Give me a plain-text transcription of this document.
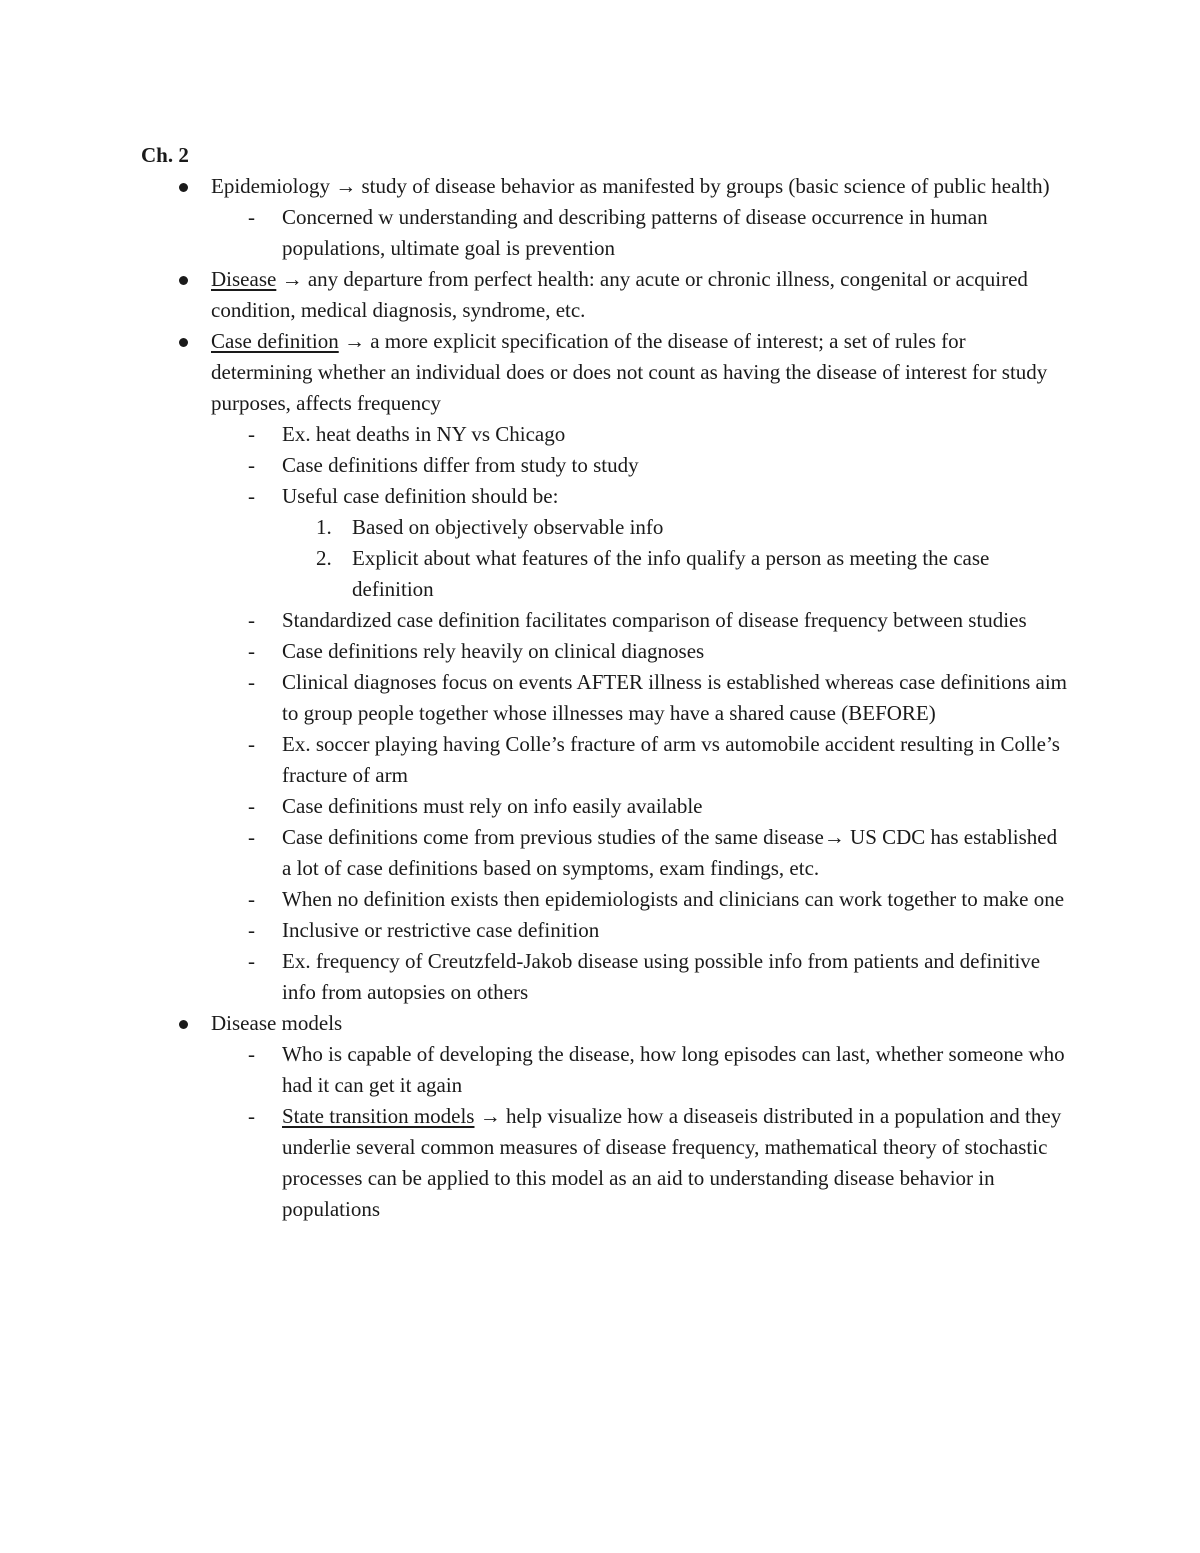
Ch. 2

Epidemiology → study of disease behavior as manifested by groups (basic science of public health)
- Concerned w understanding and describing patterns of disease occurrence in human populations, ultimate goal is prevention
Disease → any departure from perfect health: any acute or chronic illness, congenital or acquired condition, medical diagnosis, syndrome, etc.
Case definition → a more explicit specification of the disease of interest; a set of rules for determining whether an individual does or does not count as having the disease of interest for study purposes, affects frequency
- Ex. heat deaths in NY vs Chicago
- Case definitions differ from study to study
- Useful case definition should be:
1. Based on objectively observable info
2. Explicit about what features of the info qualify a person as meeting the case definition
- Standardized case definition facilitates comparison of disease frequency between studies
- Case definitions rely heavily on clinical diagnoses
- Clinical diagnoses focus on events AFTER illness is established whereas case definitions aim to group people together whose illnesses may have a shared cause (BEFORE)
- Ex. soccer playing having Colle’s fracture of arm vs automobile accident resulting in Colle’s fracture of arm
- Case definitions must rely on info easily available
- Case definitions come from previous studies of the same disease→ US CDC has established a lot of case definitions based on symptoms, exam findings, etc.
- When no definition exists then epidemiologists and clinicians can work together to make one
- Inclusive or restrictive case definition
- Ex. frequency of Creutzfeld-Jakob disease using possible info from patients and definitive info from autopsies on others
Disease models
- Who is capable of developing the disease, how long episodes can last, whether someone who had it can get it again
- State transition models → help visualize how a diseaseis distributed in a population and they underlie several common measures of disease frequency, mathematical theory of stochastic processes can be applied to this model as an aid to understanding disease behavior in populations
